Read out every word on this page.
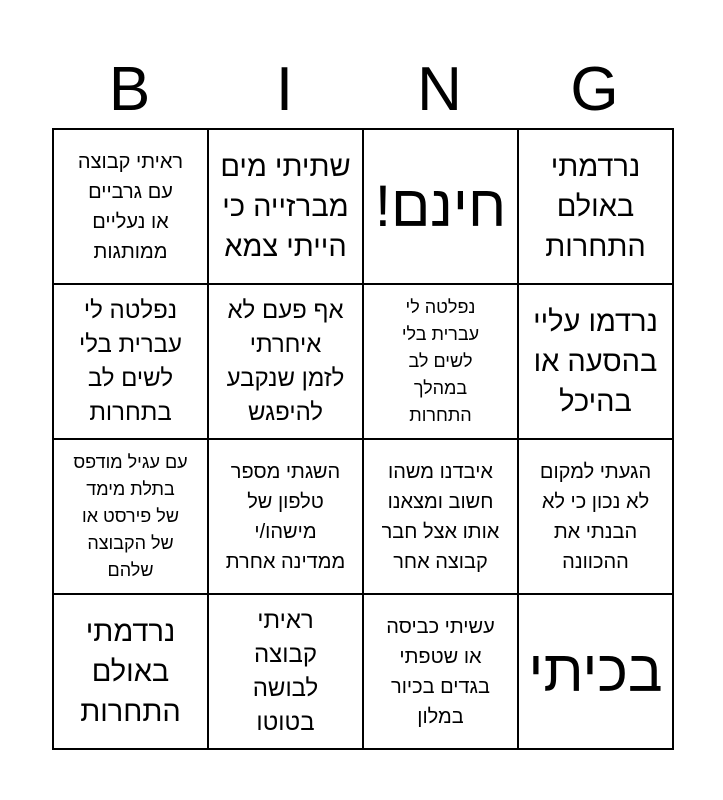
B	I	N	G
ראיתי קבוצה
עם גרביים
או נעליים
ממותגות	שתיתי מים
מברזייה כי
הייתי צמא	חינם!	נרדמתי
באולם
התחרות

נפלטה לי
עברית בלי
לשים לב
בתחרות	אף פעם לא
איחרתי
לזמן שנקבע
להיפגש	נפלטה לי
עברית בלי
לשים לב
במהלך
התחרות	נרדמו עליי
בהסעה או
בהיכל

עם עגיל מודפס
בתלת מימד
של פירסט או
של הקבוצה
שלהם	השגתי מספר
טלפון של
מישהו/י
ממדינה אחרת	איבדנו משהו
חשוב ומצאנו
אותו אצל חבר
קבוצה אחר	הגעתי למקום
לא נכון כי לא
הבנתי את
ההכוונה

נרדמתי
באולם
התחרות	ראיתי
קבוצה
לבושה
בטוטו	עשיתי כביסה
או שטפתי
בגדים בכיור
במלון	בכיתי
